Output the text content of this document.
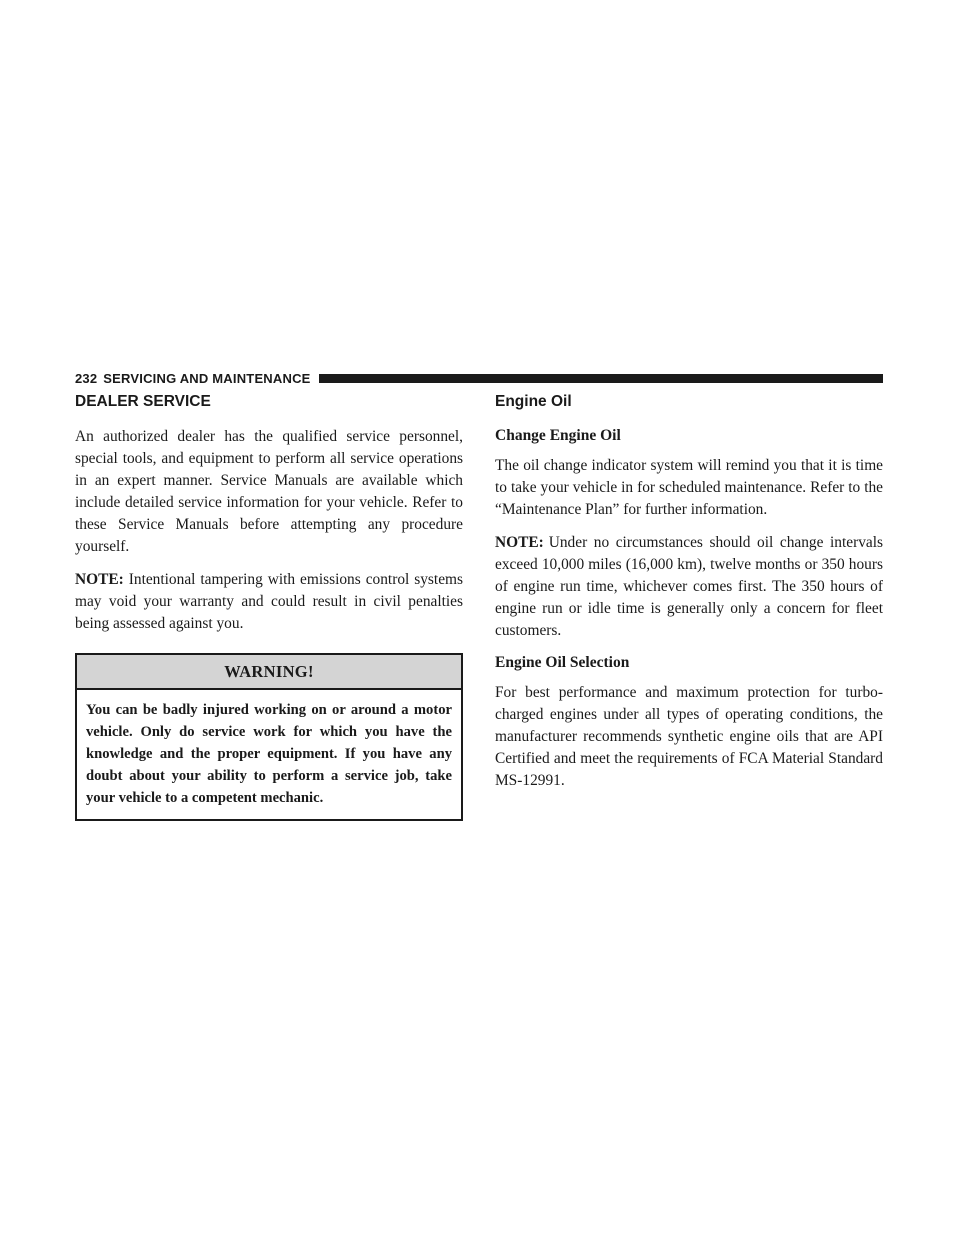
232 SERVICING AND MAINTENANCE
DEALER SERVICE

An authorized dealer has the qualified service personnel, special tools, and equipment to perform all service operations in an expert manner. Service Manuals are available which include detailed service information for your vehicle. Refer to these Service Manuals before attempting any procedure yourself.

NOTE: Intentional tampering with emissions control systems may void your warranty and could result in civil penalties being assessed against you.

WARNING!
You can be badly injured working on or around a motor vehicle. Only do service work for which you have the knowledge and the proper equipment. If you have any doubt about your ability to perform a service job, take your vehicle to a competent mechanic.
Engine Oil
Change Engine Oil

The oil change indicator system will remind you that it is time to take your vehicle in for scheduled maintenance. Refer to the “Maintenance Plan” for further information.

NOTE: Under no circumstances should oil change intervals exceed 10,000 miles (16,000 km), twelve months or 350 hours of engine run time, whichever comes first. The 350 hours of engine run or idle time is generally only a concern for fleet customers.

Engine Oil Selection

For best performance and maximum protection for turbocharged engines under all types of operating conditions, the manufacturer recommends synthetic engine oils that are API Certified and meet the requirements of FCA Material Standard MS-12991.
